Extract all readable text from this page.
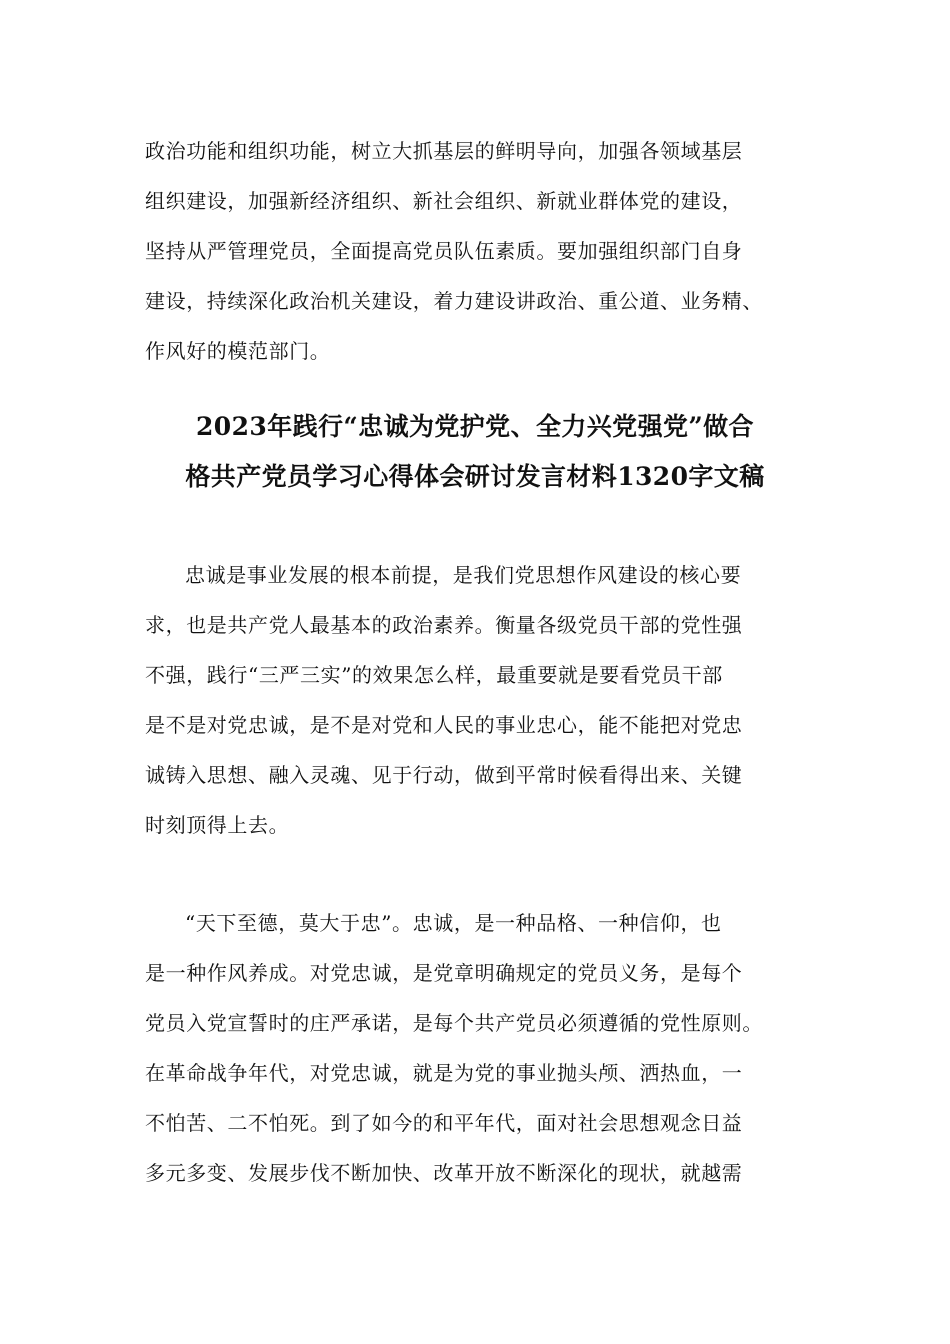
政治功能和组织功能，树立大抓基层的鲜明导向，加强各领域基层

组织建设，加强新经济组织、新社会组织、新就业群体党的建设，

坚持从严管理党员，全面提高党员队伍素质。要加强组织部门自身

建设，持续深化政治机关建设，着力建设讲政治、重公道、业务精、

作风好的模范部门。

2023年践行“忠诚为党护党、全力兴党强党”做合
格共产党员学习心得体会研讨发言材料1320字文稿

忠诚是事业发展的根本前提，是我们党思想作风建设的核心要

求，也是共产党人最基本的政治素养。衡量各级党员干部的党性强

不强，践行“三严三实”的效果怎么样，最重要就是要看党员干部

是不是对党忠诚，是不是对党和人民的事业忠心，能不能把对党忠

诚铸入思想、融入灵魂、见于行动，做到平常时候看得出来、关键

时刻顶得上去。

“天下至德，莫大于忠”。忠诚，是一种品格、一种信仰，也

是一种作风养成。对党忠诚，是党章明确规定的党员义务，是每个

党员入党宣誓时的庄严承诺，是每个共产党员必须遵循的党性原则。

在革命战争年代，对党忠诚，就是为党的事业抛头颅、洒热血，一

不怕苦、二不怕死。到了如今的和平年代，面对社会思想观念日益

多元多变、发展步伐不断加快、改革开放不断深化的现状，就越需
